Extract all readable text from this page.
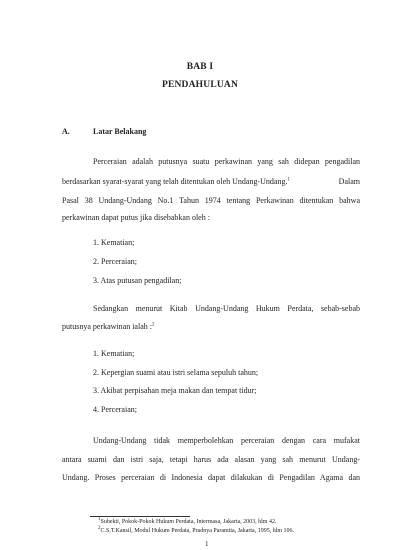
BAB I
PENDAHULUAN
A.	Latar Belakang
Perceraian adalah putusnya suatu perkawinan yang sah didepan pengadilan
berdasarkan syarat-syarat yang telah ditentukan oleh Undang-Undang.$^1$	Dalam
Pasal 38 Undang-Undang No.1 Tahun 1974 tentang Perkawinan ditentukan bahwa
perkawinan dapat putus jika disebabkan oleh :
1. Kematian;
2. Perceraian;
3. Atas putusan pengadilan;
Sedangkan menurut Kitab Undang-Undang Hukum Perdata, sebab-sebab
putusnya perkawinan ialah :$^2$
1. Kematian;
2. Kepergian suami atau istri selama sepuluh tahun;
3. Akibat perpisahan meja makan dan tempat tidur;
4. Perceraian;
Undang-Undang tidak memperbolehkan perceraian dengan cara mufakat
antara suami dan istri saja, tetapi harus ada alasan yang sah menurut Undang-
Undang. Proses perceraian di Indonesia dapat dilakukan di Pengadilan Agama dan
$^1$Subekti, Pokok-Pokok Hukum Perdata, Intermasa, Jakarta, 2003, hlm 42.
$^2$C.S.T.Kansil, Modul Hukum Perdata, Pradnya Paramita, Jakarta, 1995, hlm 106.
1
